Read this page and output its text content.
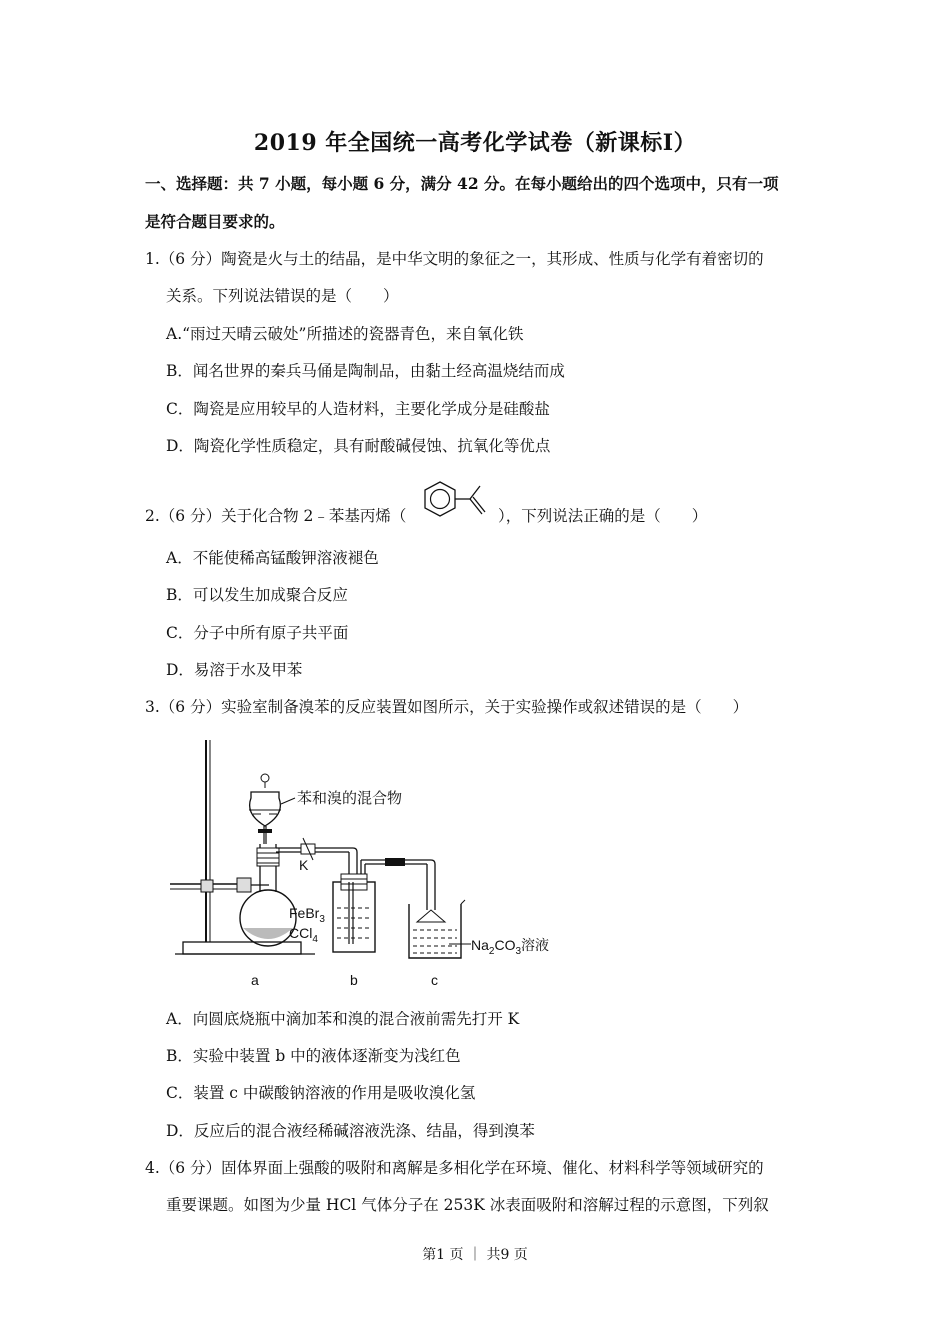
2019 年全国统一高考化学试卷（新课标Ⅰ）
一、选择题：共 7 小题，每小题 6 分，满分 42 分。在每小题给出的四个选项中，只有一项
是符合题目要求的。
1.（6 分）陶瓷是火与土的结晶，是中华文明的象征之一，其形成、性质与化学有着密切的
关系。下列说法错误的是（　　）
A.“雨过天晴云破处”所描述的瓷器青色，来自氧化铁
B．闻名世界的秦兵马俑是陶制品，由黏土经高温烧结而成
C．陶瓷是应用较早的人造材料，主要化学成分是硅酸盐
D．陶瓷化学性质稳定，具有耐酸碱侵蚀、抗氧化等优点
2.（6 分）关于化合物 2﹣苯基丙烯（	），下列说法正确的是（　　）
A．不能使稀高锰酸钾溶液褪色
B．可以发生加成聚合反应
C．分子中所有原子共平面
D．易溶于水及甲苯
3.（6 分）实验室制备溴苯的反应装置如图所示，关于实验操作或叙述错误的是（　　）
苯和溴的混合物
K
$Na_2CO_3$溶液
FeBr$_3$
CCl$_4$
a	b	c
A．向圆底烧瓶中滴加苯和溴的混合液前需先打开 K
B．实验中装置 b 中的液体逐渐变为浅红色
C．装置 c 中碳酸钠溶液的作用是吸收溴化氢
D．反应后的混合液经稀碱溶液洗涤、结晶，得到溴苯
4.（6 分）固体界面上强酸的吸附和离解是多相化学在环境、催化、材料科学等领域研究的
重要课题。如图为少量 HCl 气体分子在 253K 冰表面吸附和溶解过程的示意图，下列叙
第1 页 ｜ 共9 页
